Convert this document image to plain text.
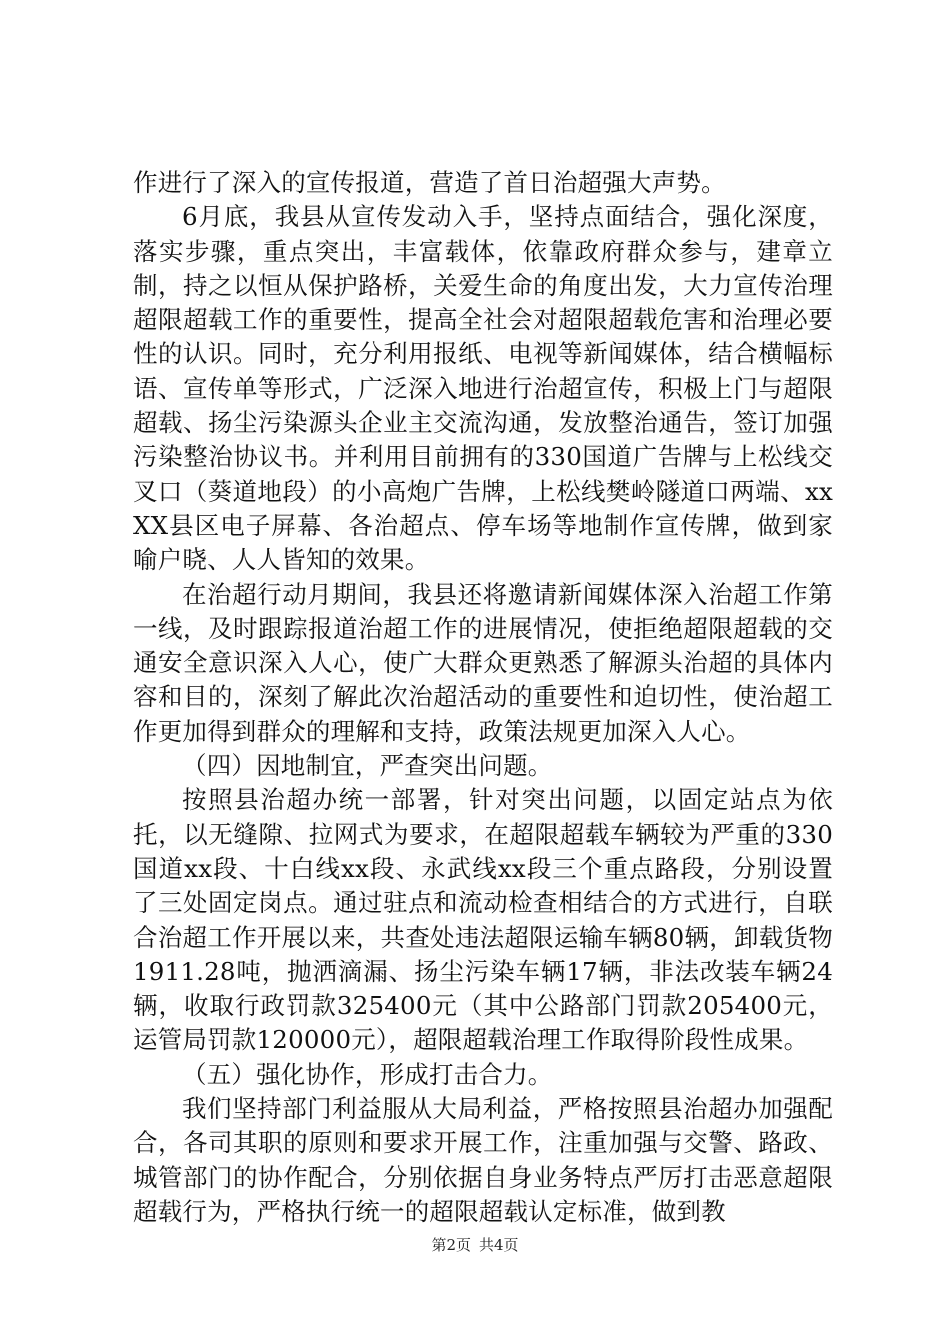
作进行了深入的宣传报道，营造了首日治超强大声势。

6月底，我县从宣传发动入手，坚持点面结合，强化深度，落实步骤，重点突出，丰富载体，依靠政府群众参与，建章立制，持之以恒从保护路桥，关爱生命的角度出发，大力宣传治理超限超载工作的重要性，提高全社会对超限超载危害和治理必要性的认识。同时，充分利用报纸、电视等新闻媒体，结合横幅标语、宣传单等形式，广泛深入地进行治超宣传，积极上门与超限超载、扬尘污染源头企业主交流沟通，发放整治通告，签订加强污染整治协议书。并利用目前拥有的330国道广告牌与上松线交叉口（葵道地段）的小高炮广告牌，上松线樊岭隧道口两端、xxXX县区电子屏幕、各治超点、停车场等地制作宣传牌，做到家喻户晓、人人皆知的效果。

在治超行动月期间，我县还将邀请新闻媒体深入治超工作第一线，及时跟踪报道治超工作的进展情况，使拒绝超限超载的交通安全意识深入人心，使广大群众更熟悉了解源头治超的具体内容和目的，深刻了解此次治超活动的重要性和迫切性，使治超工作更加得到群众的理解和支持，政策法规更加深入人心。

（四）因地制宜，严查突出问题。

按照县治超办统一部署，针对突出问题，以固定站点为依托，以无缝隙、拉网式为要求，在超限超载车辆较为严重的330国道xx段、十白线xx段、永武线xx段三个重点路段，分别设置了三处固定岗点。通过驻点和流动检查相结合的方式进行，自联合治超工作开展以来，共查处违法超限运输车辆80辆，卸载货物1911.28吨，抛洒滴漏、扬尘污染车辆17辆，非法改装车辆24辆，收取行政罚款325400元（其中公路部门罚款205400元，运管局罚款120000元），超限超载治理工作取得阶段性成果。

（五）强化协作，形成打击合力。

我们坚持部门利益服从大局利益，严格按照县治超办加强配合，各司其职的原则和要求开展工作，注重加强与交警、路政、城管部门的协作配合，分别依据自身业务特点严厉打击恶意超限超载行为，严格执行统一的超限超载认定标准，做到教

第2页 共4页
